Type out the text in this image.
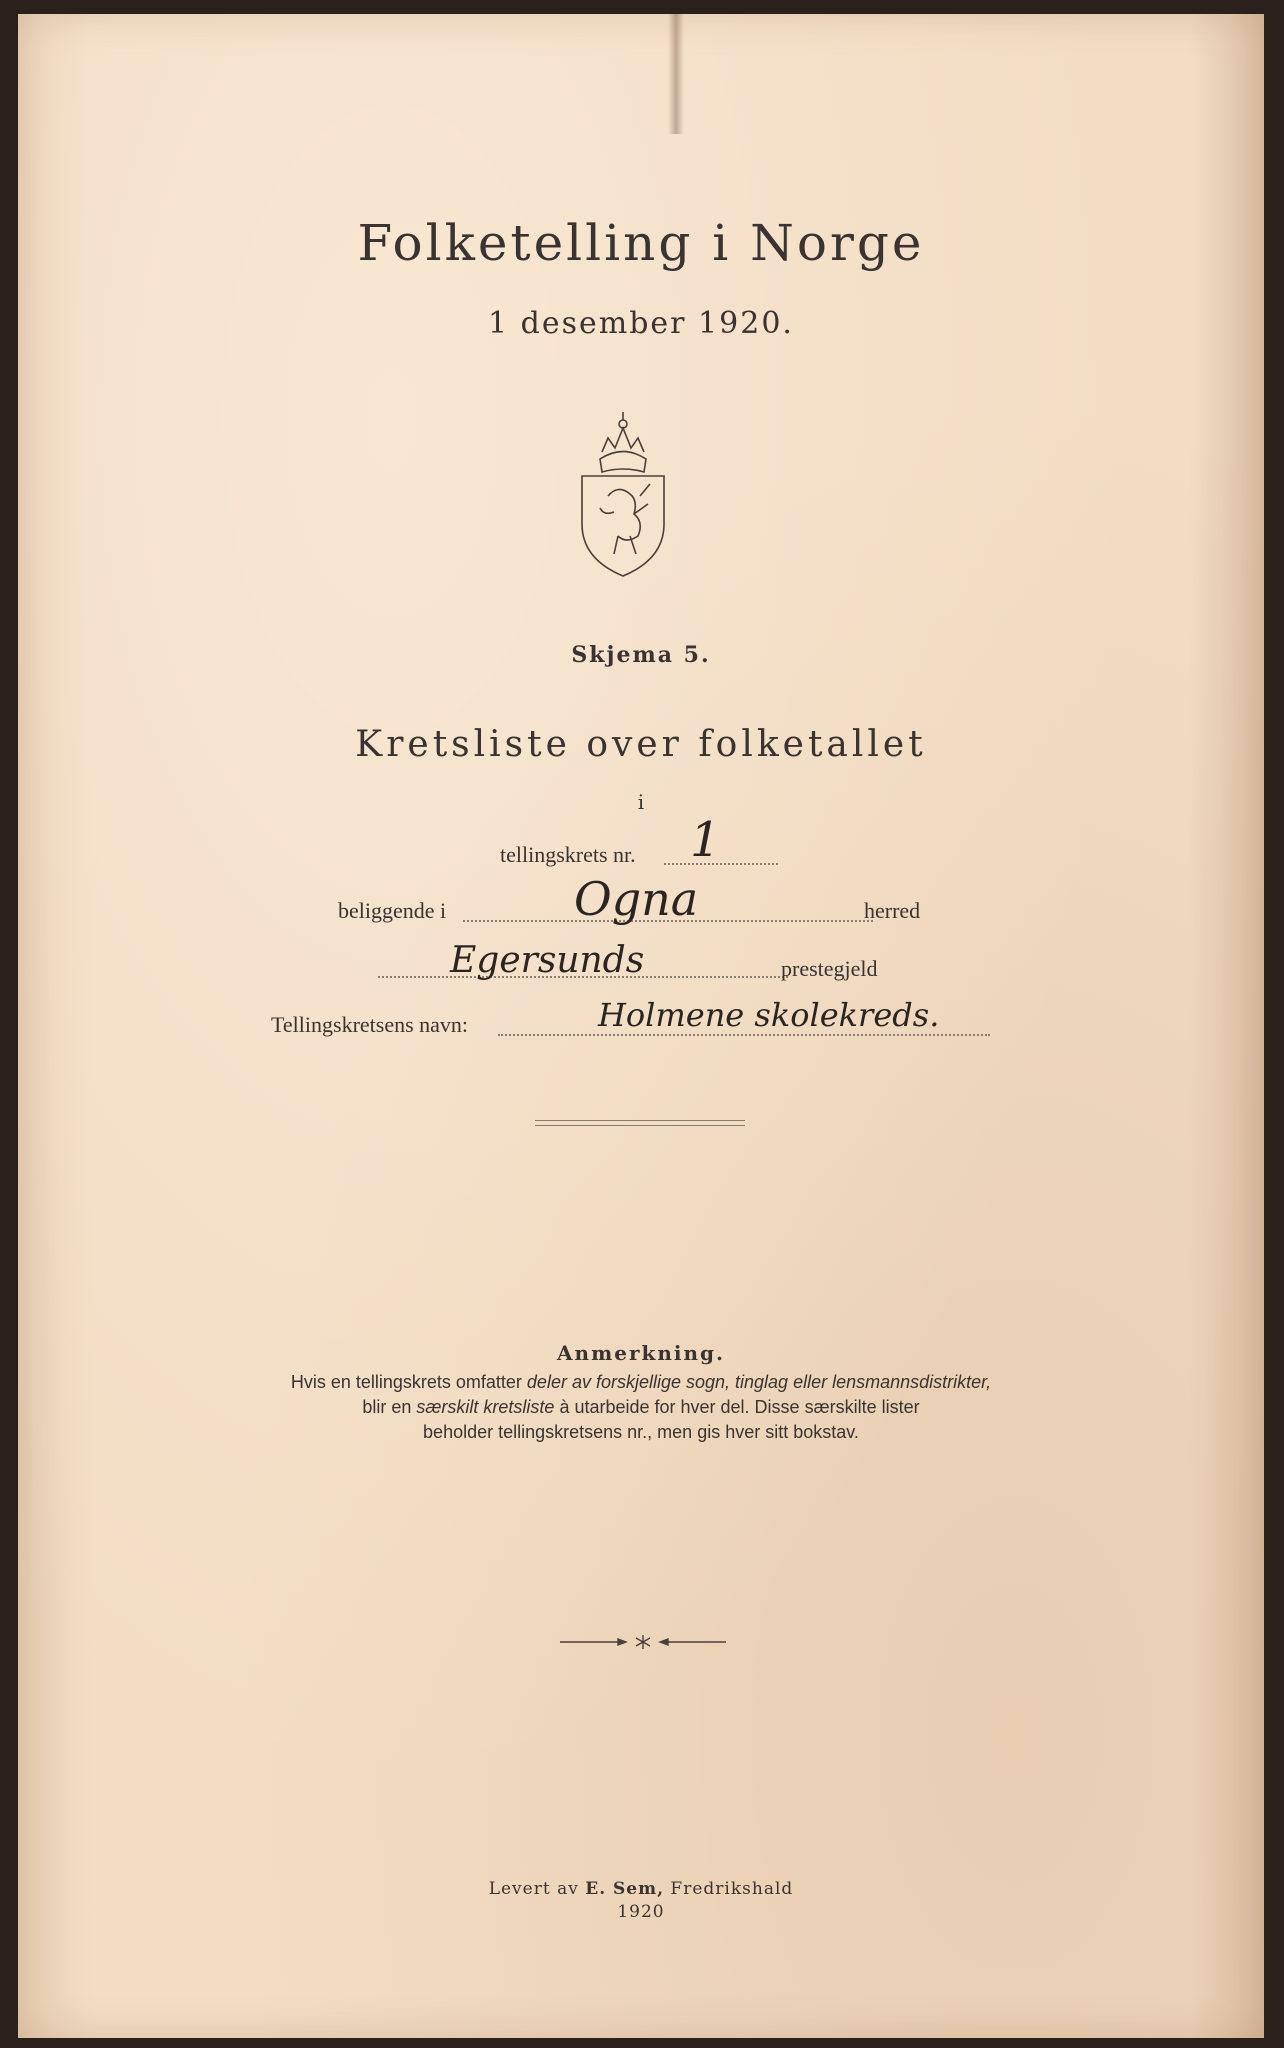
Folketelling i Norge
1 desember 1920.
Skjema 5.
Kretsliste over folketallet
i
tellingskrets nr. 1
beliggende i	Ogna	herred
Egersunds	prestegjeld
Tellingskretsens navn:	Holmene skolekreds.
Anmerkning.
Hvis en tellingskrets omfatter deler av forskjellige sogn, tinglag eller lensmannsdistrikter,
blir en særskilt kretsliste à utarbeide for hver del. Disse særskilte lister
beholder tellingskretsens nr., men gis hver sitt bokstav.
Levert av E. Sem, Fredrikshald
1920
